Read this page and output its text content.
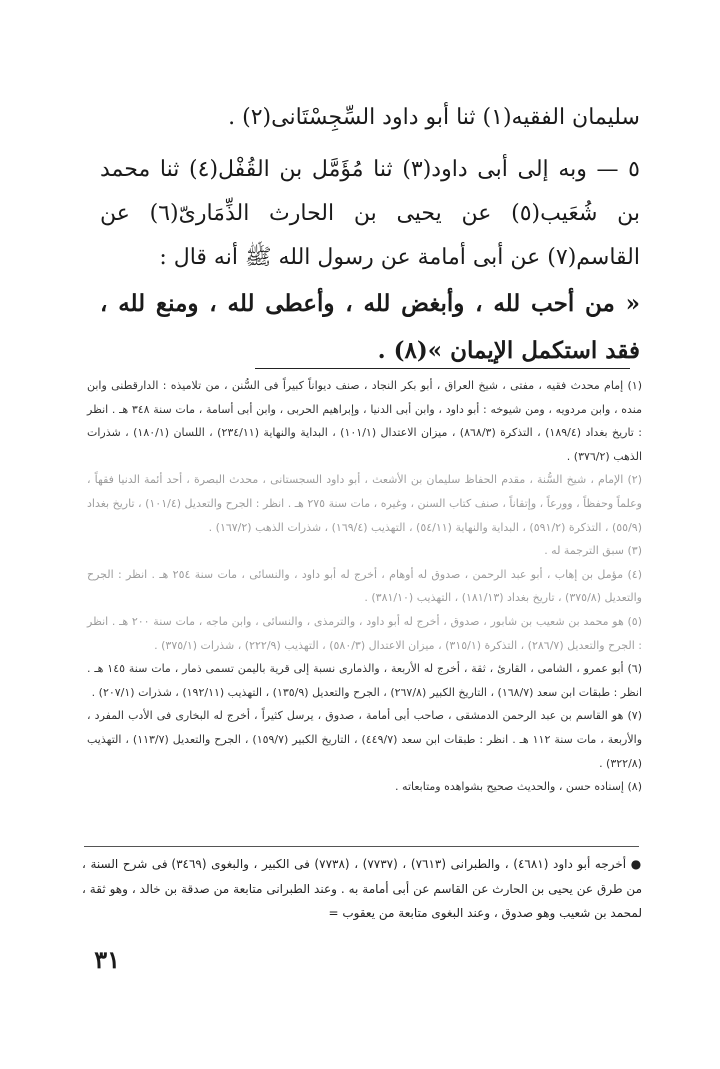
سليمان الفقيه(١) ثنا أبو داود السِّجِسْتَانى(٢) .
٥ — وبه إلى أبى داود(٣) ثنا مُؤَمَّل بن القُفْل(٤) ثنا محمد بن شُعَيب(٥) عن يحيى بن الحارث الذِّمَارىّ(٦) عن القاسم(٧) عن أبى أمامة عن رسول الله ﷺ أنه قال :
« من أحب لله ، وأبغض لله ، وأعطى لله ، ومنع لله ، فقد استكمل الإيمان »(٨) .

(١) إمام محدث فقيه ، مفتى ، شيخ العراق ، أبو بكر النجاد ، صنف ديواناً كبيراً فى السُّنن ، من تلاميذه : الدارقطنى وابن منده ، وابن مردويه ، ومن شيوخه : أبو داود ، وابن أبى الدنيا ، وإبراهيم الحربى ، وابن أبى أسامة ، مات سنة ٣٤٨ هـ . انظر : تاريخ بغداد (١٨٩/٤) ، التذكرة (٨٦٨/٣) ، ميزان الاعتدال (١٠١/١) ، البداية والنهاية (٢٣٤/١١) ، اللسان (١٨٠/١) ، شذرات الذهب (٣٧٦/٢) .

(٢) الإمام ، شيخ السُّنة ، مقدم الحفاظ سليمان بن الأشعث ، أبو داود السجستانى ، محدث البصرة ، أحد أئمة الدنيا فقهاً ، وعلماً وحفظاً ، وورعاً ، وإتقاناً ، صنف كتاب السنن ، وغيره ، مات سنة ٢٧٥ هـ . انظر : الجرح والتعديل (١٠١/٤) ، تاريخ بغداد (٥٥/٩) ، التذكرة (٥٩١/٢) ، البداية والنهاية (٥٤/١١) ، التهذيب (١٦٩/٤) ، شذرات الذهب (١٦٧/٢) .

(٣) سبق الترجمة له .

(٤) مؤمل بن إهاب ، أبو عبد الرحمن ، صدوق له أوهام ، أخرج له أبو داود ، والنسائى ، مات سنة ٢٥٤ هـ . انظر : الجرح والتعديل (٣٧٥/٨) ، تاريخ بغداد (١٨١/١٣) ، التهذيب (٣٨١/١٠) .

(٥) هو محمد بن شعيب بن شابور ، صدوق ، أخرج له أبو داود ، والترمذى ، والنسائى ، وابن ماجه ، مات سنة ٢٠٠ هـ . انظر : الجرح والتعديل (٢٨٦/٧) ، التذكرة (٣١٥/١) ، ميزان الاعتدال (٥٨٠/٣) ، التهذيب (٢٢٢/٩) ، شذرات (٣٧٥/١) .

(٦) أبو عمرو ، الشامى ، القارئ ، ثقة ، أخرج له الأربعة ، والذمارى نسبة إلى قرية باليمن تسمى ذمار ، مات سنة ١٤٥ هـ . انظر : طبقات ابن سعد (١٦٨/٧) ، التاريخ الكبير (٢٦٧/٨) ، الجرح والتعديل (١٣٥/٩) ، التهذيب (١٩٢/١١) ، شذرات (٢٠٧/١) .

(٧) هو القاسم بن عبد الرحمن الدمشقى ، صاحب أبى أمامة ، صدوق ، يرسل كثيراً ، أخرج له البخارى فى الأدب المفرد ، والأربعة ، مات سنة ١١٢ هـ . انظر : طبقات ابن سعد (٤٤٩/٧) ، التاريخ الكبير (١٥٩/٧) ، الجرح والتعديل (١١٣/٧) ، التهذيب (٣٢٢/٨) .

(٨) إسناده حسن ، والحديث صحيح بشواهده ومتابعاته .

● أخرجه أبو داود (٤٦٨١) ، والطبرانى (٧٦١٣) ، (٧٧٣٧) ، (٧٧٣٨) فى الكبير ، والبغوى (٣٤٦٩) فى شرح السنة ، من طرق عن يحيى بن الحارث عن القاسم عن أبى أمامة به . وعند الطبرانى متابعة من صدقة بن خالد ، وهو ثقة ، لمحمد بن شعيب وهو صدوق ، وعند البغوى متابعة من يعقوب =
٣١
